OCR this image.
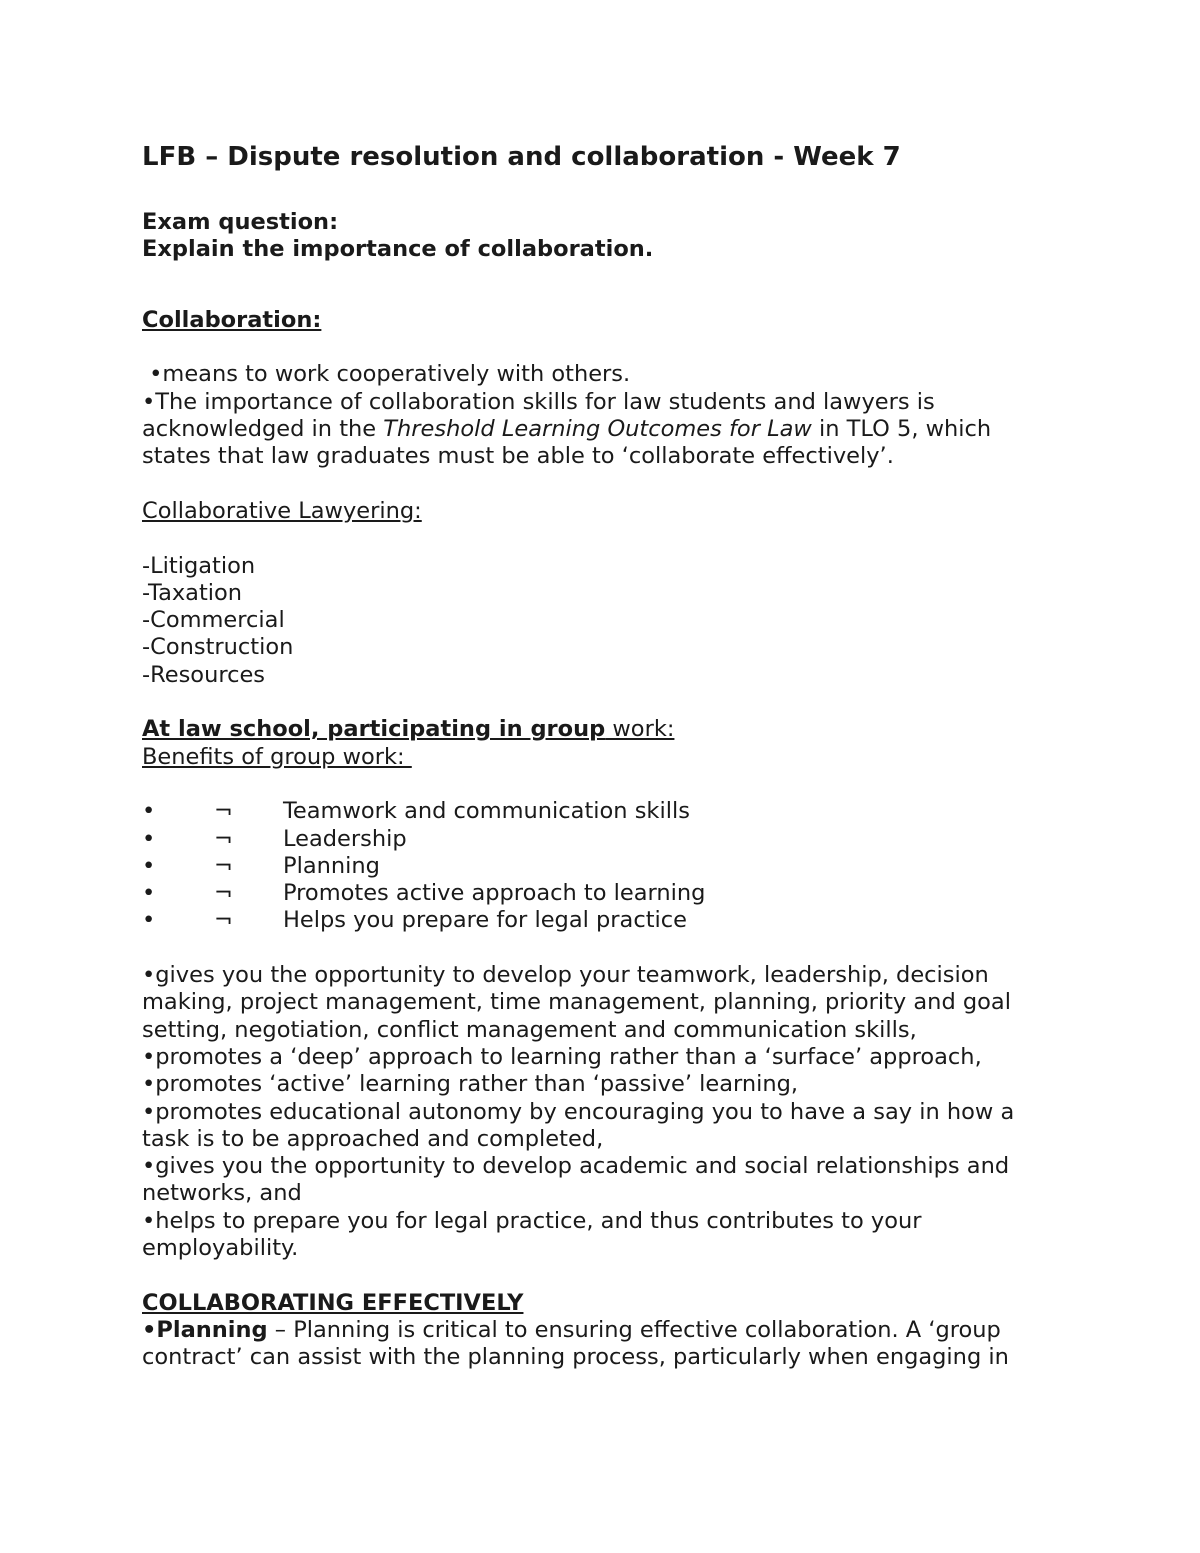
LFB – Dispute resolution and collaboration - Week 7
Exam question:
Explain the importance of collaboration.
Collaboration:
•means to work cooperatively with others.
•The importance of collaboration skills for law students and lawyers is
acknowledged in the Threshold Learning Outcomes for Law in TLO 5, which
states that law graduates must be able to ‘collaborate effectively’.
Collaborative Lawyering:
-Litigation
-Taxation
-Commercial
-Construction
-Resources
At law school, participating in group work:
Benefits of group work:
•	¬ Teamwork and communication skills
•	¬ Leadership
•	¬ Planning
•	¬ Promotes active approach to learning
•	¬ Helps you prepare for legal practice
•gives you the opportunity to develop your teamwork, leadership, decision
making, project management, time management, planning, priority and goal
setting, negotiation, conflict management and communication skills,
•promotes a ‘deep’ approach to learning rather than a ‘surface’ approach,
•promotes ‘active’ learning rather than ‘passive’ learning,
•promotes educational autonomy by encouraging you to have a say in how a
task is to be approached and completed,
•gives you the opportunity to develop academic and social relationships and
networks, and
•helps to prepare you for legal practice, and thus contributes to your
employability.
COLLABORATING EFFECTIVELY
•Planning – Planning is critical to ensuring effective collaboration. A ‘group
contract’ can assist with the planning process, particularly when engaging in
